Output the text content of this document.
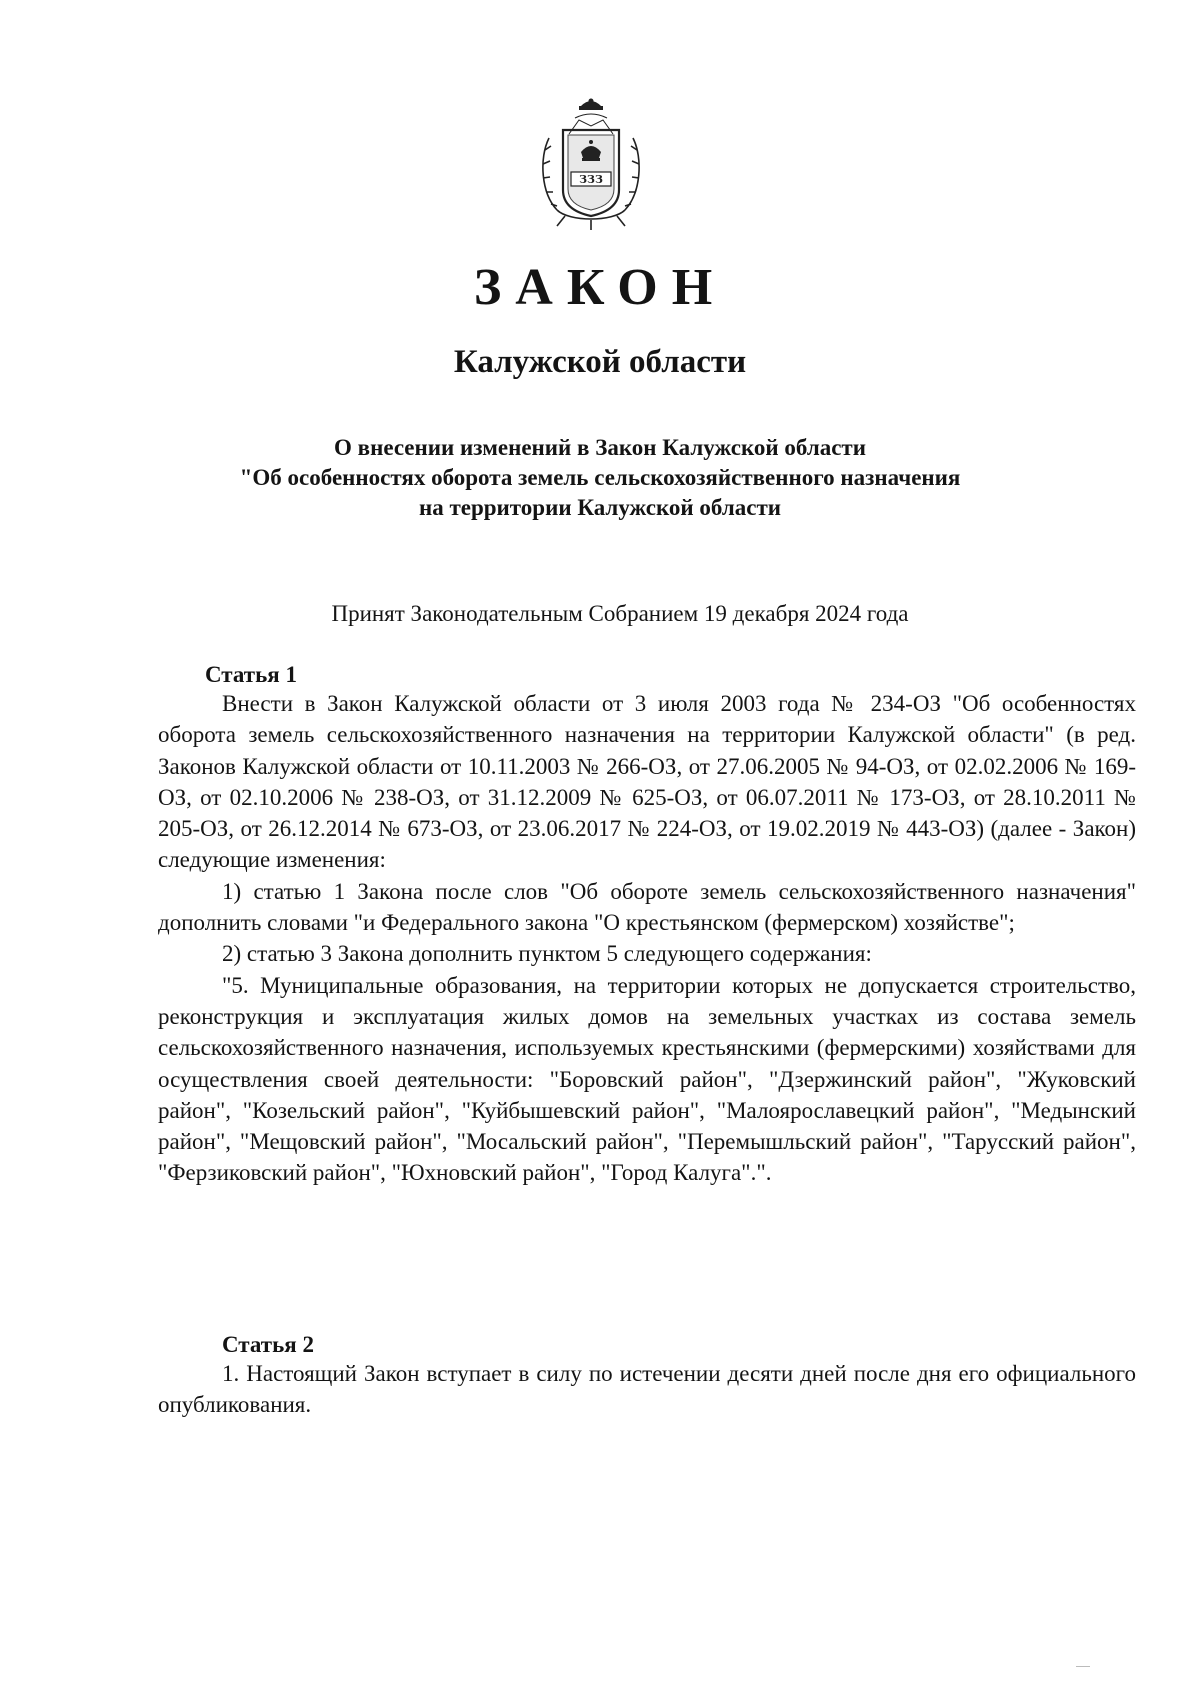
ЗЗЗ
ЗАКОН
Калужской области
О внесении изменений в Закон Калужской области
"Об особенностях оборота земель сельскохозяйственного назначения
на территории Калужской области
Принят Законодательным Собранием 19 декабря 2024 года
Статья 1

Внести в Закон Калужской области от 3 июля 2003 года № 234-ОЗ "Об особенностях оборота земель сельскохозяйственного назначения на территории Калужской области" (в ред. Законов Калужской области от 10.11.2003 № 266-ОЗ, от 27.06.2005 № 94-ОЗ, от 02.02.2006 № 169-ОЗ, от 02.10.2006 № 238-ОЗ, от 31.12.2009 № 625-ОЗ, от 06.07.2011 № 173-ОЗ, от 28.10.2011 № 205-ОЗ, от 26.12.2014 № 673-ОЗ, от 23.06.2017 № 224-ОЗ, от 19.02.2019 № 443-ОЗ) (далее - Закон) следующие изменения:

1) статью 1 Закона после слов "Об обороте земель сельскохозяйственного назначения" дополнить словами "и Федерального закона "О крестьянском (фермерском) хозяйстве";

2) статью 3 Закона дополнить пунктом 5 следующего содержания:

"5. Муниципальные образования, на территории которых не допускается строительство, реконструкция и эксплуатация жилых домов на земельных участках из состава земель сельскохозяйственного назначения, используемых крестьянскими (фермерскими) хозяйствами для осуществления своей деятельности: "Боровский район", "Дзержинский район", "Жуковский район", "Козельский район", "Куйбышевский район", "Малоярославецкий район", "Медынский район", "Мещовский район", "Мосальский район", "Перемышльский район", "Тарусский район", "Ферзиковский район", "Юхновский район", "Город Калуга".".

Статья 2

1. Настоящий Закон вступает в силу по истечении десяти дней после дня его официального опубликования.
